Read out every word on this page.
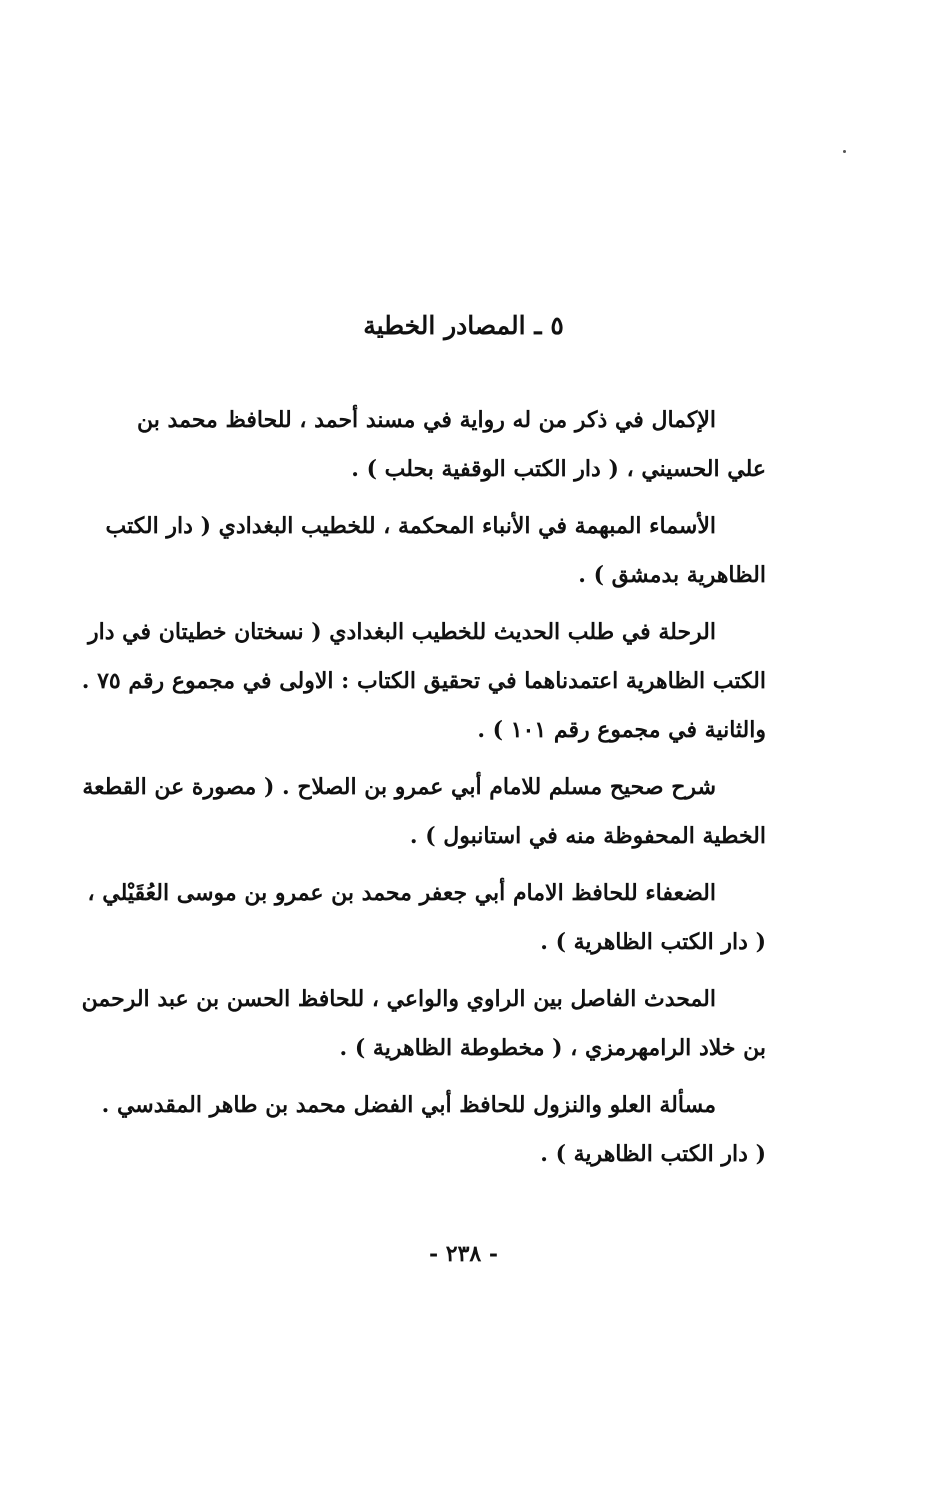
٥ ـ المصادر الخطية
الإكمال في ذكر من له رواية في مسند أحمد ، للحافظ محمد بن
علي الحسيني ، ( دار الكتب الوقفية بحلب ) .
الأسماء المبهمة في الأنباء المحكمة ، للخطيب البغدادي ( دار الكتب
الظاهرية بدمشق ) .
الرحلة في طلب الحديث للخطيب البغدادي ( نسختان خطيتان في دار
الكتب الظاهرية اعتمدناهما في تحقيق الكتاب : الاولى في مجموع رقم ٧٥ .
والثانية في مجموع رقم ١٠١ ) .
شرح صحيح مسلم للامام أبي عمرو بن الصلاح . ( مصورة عن القطعة
الخطية المحفوظة منه في استانبول ) .
الضعفاء للحافظ الامام أبي جعفر محمد بن عمرو بن موسى العُقَيْلي ،
( دار الكتب الظاهرية ) .
المحدث الفاصل بين الراوي والواعي ، للحافظ الحسن بن عبد الرحمن
بن خلاد الرامهرمزي ، ( مخطوطة الظاهرية ) .
مسألة العلو والنزول للحافظ أبي الفضل محمد بن طاهر المقدسي .
( دار الكتب الظاهرية ) .
- ٢٣٨ -
